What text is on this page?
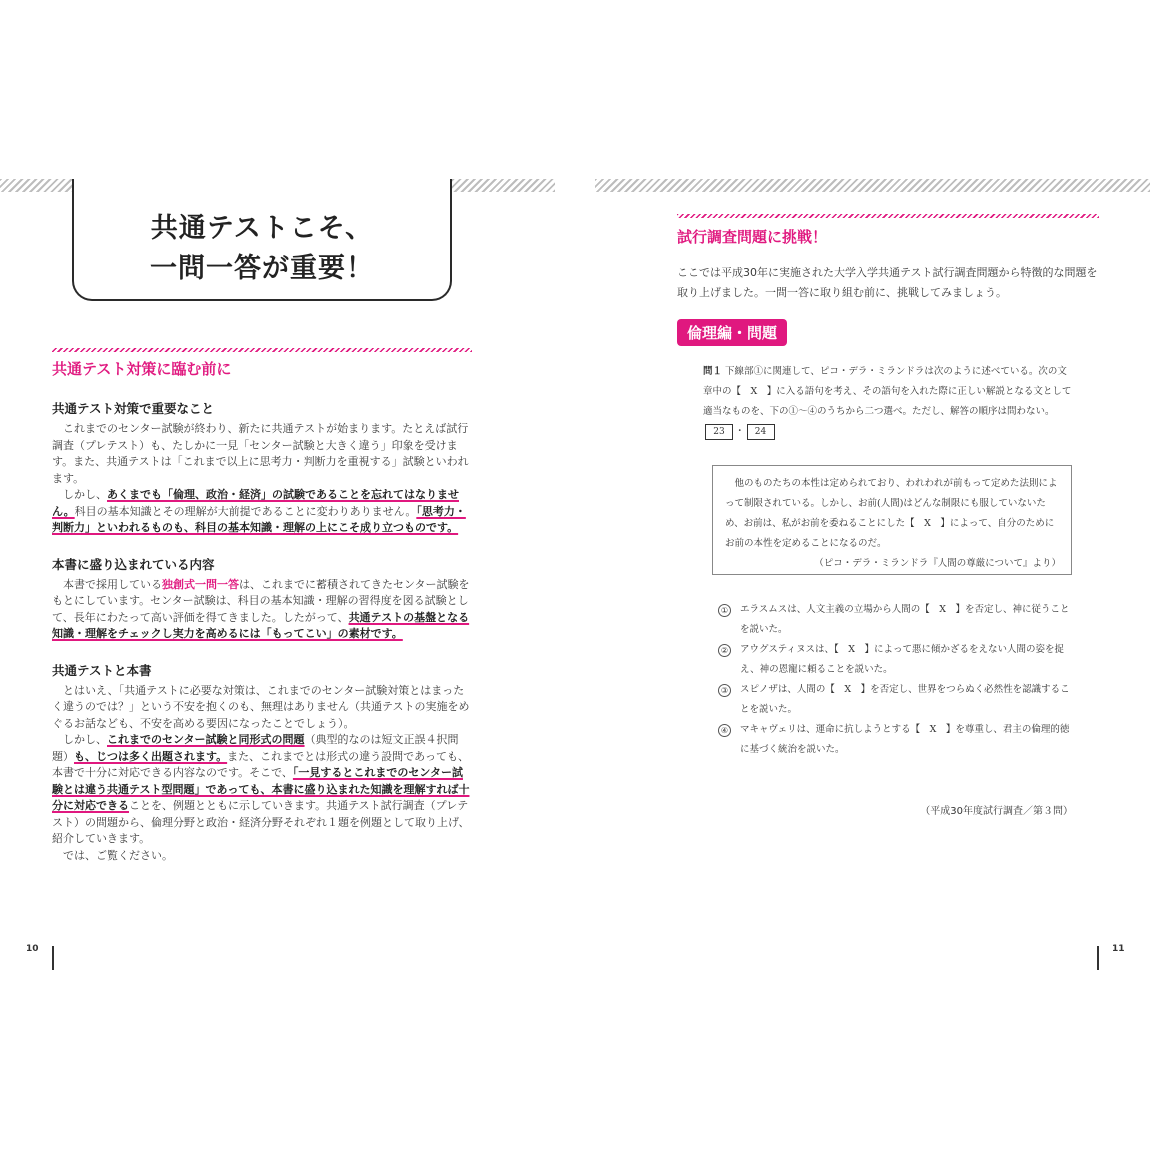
共通テストこそ、
一問一答が重要！
共通テスト対策に臨む前に
共通テスト対策で重要なこと

これまでのセンター試験が終わり、新たに共通テストが始まります。たとえば試行調査（プレテスト）も、たしかに一見「センター試験と大きく違う」印象を受けます。また、共通テストは「これまで以上に思考力・判断力を重視する」試験といわれます。

しかし、あくまでも「倫理、政治・経済」の試験であることを忘れてはなりません。科目の基本知識とその理解が大前提であることに変わりありません。「思考力・判断力」といわれるものも、科目の基本知識・理解の上にこそ成り立つものです。

本書に盛り込まれている内容

本書で採用している独創式一問一答は、これまでに蓄積されてきたセンター試験をもとにしています。センター試験は、科目の基本知識・理解の習得度を図る試験として、長年にわたって高い評価を得てきました。したがって、共通テストの基盤となる知識・理解をチェックし実力を高めるには「もってこい」の素材です。

共通テストと本書

とはいえ、「共通テストに必要な対策は、これまでのセンター試験対策とはまったく違うのでは？」という不安を抱くのも、無理はありません（共通テストの実施をめぐるお話なども、不安を高める要因になったことでしょう）。

しかし、これまでのセンター試験と同形式の問題（典型的なのは短文正誤４択問題）も、じつは多く出題されます。また、これまでとは形式の違う設問であっても、本書で十分に対応できる内容なのです。そこで、「一見するとこれまでのセンター試験とは違う共通テスト型問題」であっても、本書に盛り込まれた知識を理解すれば十分に対応できることを、例題とともに示していきます。共通テスト試行調査（プレテスト）の問題から、倫理分野と政治・経済分野それぞれ１題を例題として取り上げ、紹介していきます。

では、ご覧ください。

10
試行調査問題に挑戦！

ここでは平成30年に実施された大学入学共通テスト試行調査問題から特徴的な問題を取り上げました。一問一答に取り組む前に、挑戦してみましょう。

倫理編・問題
問１ 下線部①に関連して、ピコ・デラ・ミランドラは次のように述べている。次の文章中の【　X　】に入る語句を考え、その語句を入れた際に正しい解説となる文として適当なものを、下の①～④のうちから二つ選べ。ただし、解答の順序は問わない。 23 ・ 24
他のものたちの本性は定められており、われわれが前もって定めた法則によって制限されている。しかし、お前(人間)はどんな制限にも服していないため、お前は、私がお前を委ねることにした【　X　】によって、自分のためにお前の本性を定めることになるのだ。
（ピコ・デラ・ミランドラ『人間の尊厳について』より）
①	エラスムスは、人文主義の立場から人間の【　X　】を否定し、神に従うことを説いた。
②	アウグスティヌスは、【　X　】によって悪に傾かざるをえない人間の姿を捉え、神の恩寵に頼ることを説いた。
③	スピノザは、人間の【　X　】を否定し、世界をつらぬく必然性を認識することを説いた。
④	マキャヴェリは、運命に抗しようとする【　X　】を尊重し、君主の倫理的徳に基づく統治を説いた。
（平成30年度試行調査／第３問）
11
